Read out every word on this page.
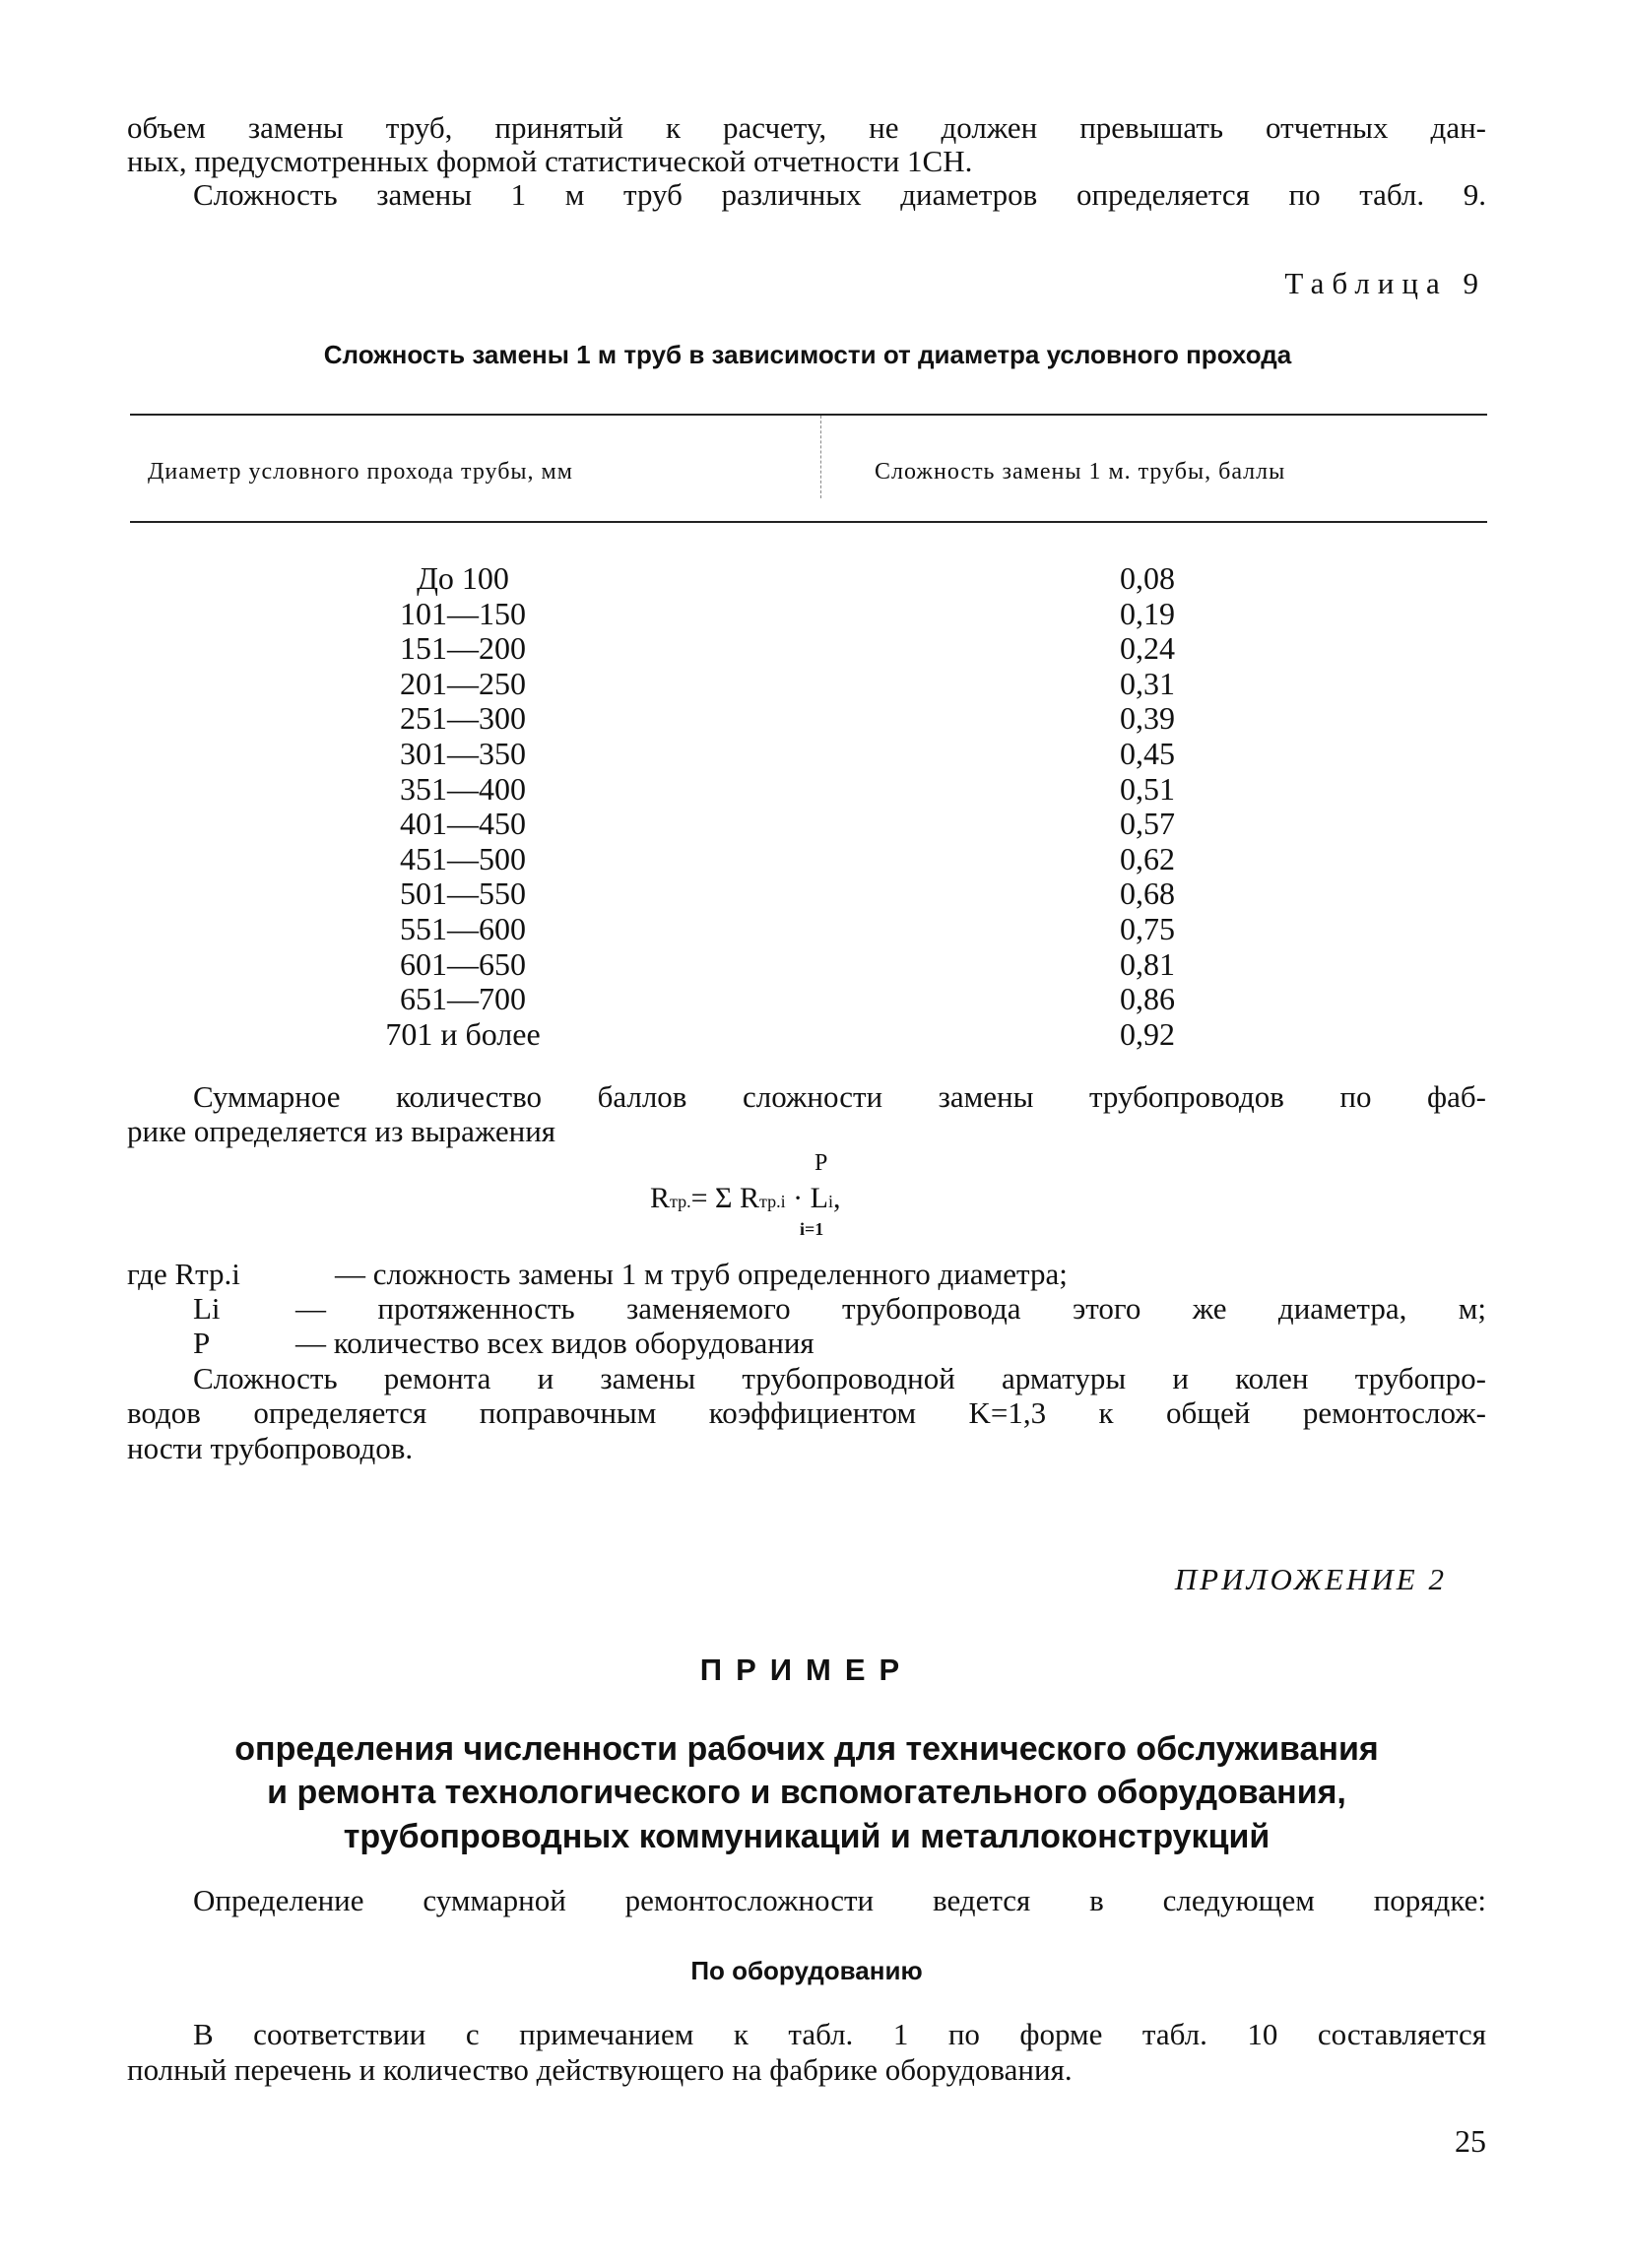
объем замены труб, принятый к расчету, не должен превышать отчетных дан-
ных, предусмотренных формой статистической отчетности 1СН.
Сложность замены 1 м труб различных диаметров определяется по табл. 9.
Таблица 9
Сложность замены 1 м труб в зависимости от диаметра условного прохода
Диаметр условного прохода трубы, мм	Сложность замены 1 м. трубы, баллы
До 100	0,08
101—150	0,19
151—200	0,24
201—250	0,31
251—300	0,39
301—350	0,45
351—400	0,51
401—450	0,57
451—500	0,62
501—550	0,68
551—600	0,75
601—650	0,81
651—700	0,86
701 и более	0,92
Суммарное количество баллов сложности замены трубопроводов по фаб-
рике определяется из выражения
P
Rтр.= Σ Rтр.i · Li,
i=1
где Rтр.i	— сложность замены 1 м труб определенного диаметра;
Li	— протяженность заменяемого трубопровода этого же диаметра, м;
P	— количество всех видов оборудования
Сложность ремонта и замены трубопроводной арматуры и колен трубопро-
водов определяется поправочным коэффициентом K=1,3 к общей ремонтослож-
ности трубопроводов.
ПРИЛОЖЕНИЕ 2
ПРИМЕР
определения численности рабочих для технического обслуживания
и ремонта технологического и вспомогательного оборудования,
трубопроводных коммуникаций и металлоконструкций
Определение суммарной ремонтосложности ведется в следующем порядке:
По оборудованию
В соответствии с примечанием к табл. 1 по форме табл. 10 составляется
полный перечень и количество действующего на фабрике оборудования.
25
